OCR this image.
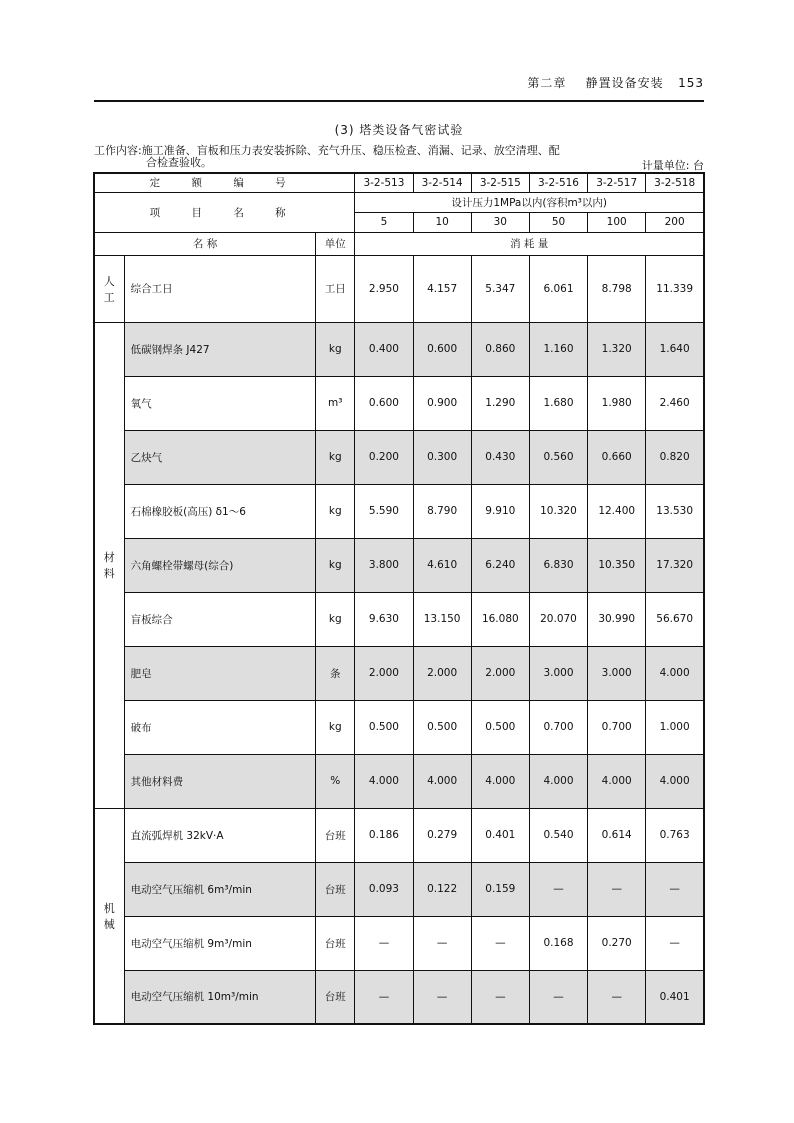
第二章    静置设备安装 153
(3) 塔类设备气密试验
工作内容:施工准备、盲板和压力表安装拆除、充气升压、稳压检查、消漏、记录、放空清理、配
合检查验收。	计量单位: 台
定 额 编 号			3-2-513	3-2-514	3-2-515	3-2-516	3-2-517	3-2-518
项 目 名 称			设计压力1MPa以内(容积m³以内)					
			5	10	30	50	100	200
名 称		单位	消 耗 量					

人
工	综合工日	工日	2.950	4.157	5.347	6.061	8.798	11.339

材
料	低碳钢焊条 J427	kg	0.400	0.600	0.860	1.160	1.320	1.640
	氧气	m³	0.600	0.900	1.290	1.680	1.980	2.460
	乙炔气	kg	0.200	0.300	0.430	0.560	0.660	0.820
	石棉橡胶板(高压) δ1～6	kg	5.590	8.790	9.910	10.320	12.400	13.530
	六角螺栓带螺母(综合)	kg	3.800	4.610	6.240	6.830	10.350	17.320
	盲板综合	kg	9.630	13.150	16.080	20.070	30.990	56.670
	肥皂	条	2.000	2.000	2.000	3.000	3.000	4.000
	破布	kg	0.500	0.500	0.500	0.700	0.700	1.000
	其他材料费	%	4.000	4.000	4.000	4.000	4.000	4.000

机
械	直流弧焊机 32kV·A	台班	0.186	0.279	0.401	0.540	0.614	0.763
	电动空气压缩机 6m³/min	台班	0.093	0.122	0.159	—	—	—
	电动空气压缩机 9m³/min	台班	—	—	—	0.168	0.270	—
	电动空气压缩机 10m³/min	台班	—	—	—	—	—	0.401
